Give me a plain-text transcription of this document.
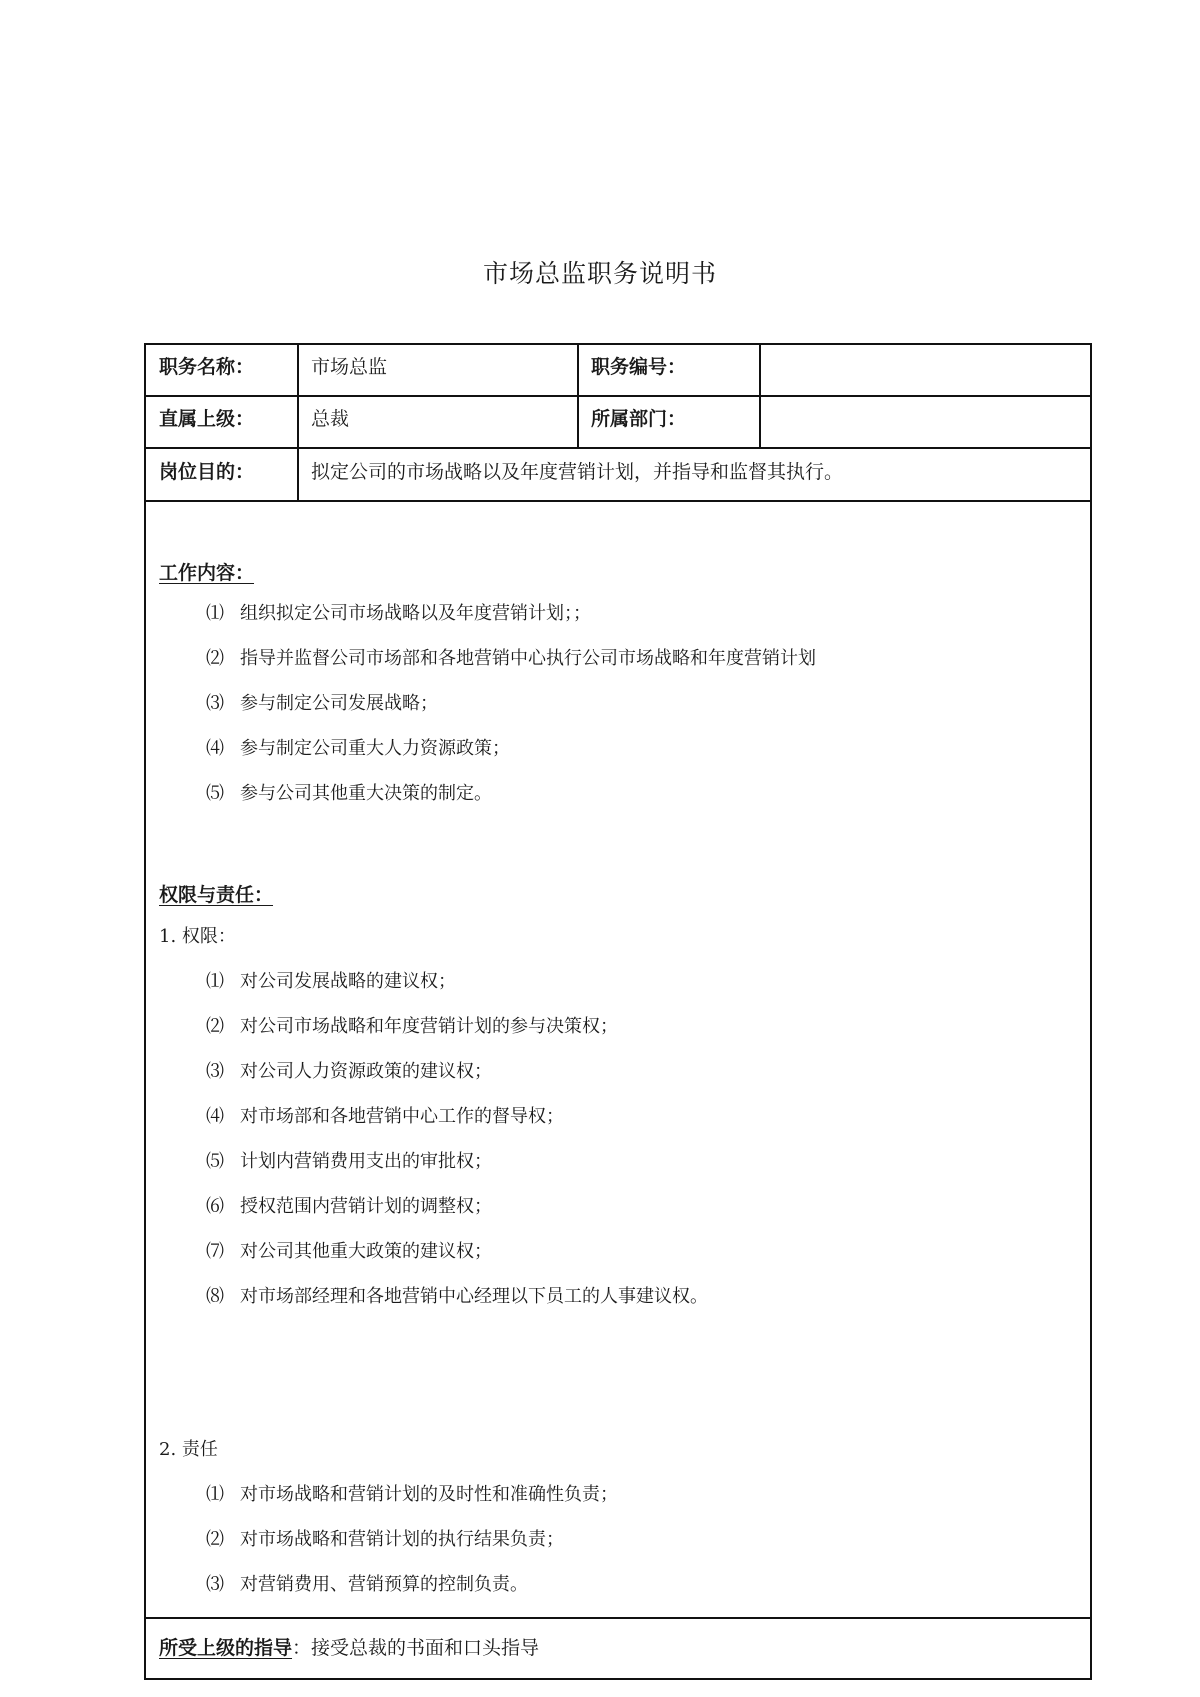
市场总监职务说明书
职务名称：	市场总监	职务编号：
直属上级：	总裁	所属部门：
岗位目的：	拟定公司的市场战略以及年度营销计划，并指导和监督其执行。
工作内容：
⑴ 组织拟定公司市场战略以及年度营销计划；；
⑵ 指导并监督公司市场部和各地营销中心执行公司市场战略和年度营销计划
⑶ 参与制定公司发展战略；
⑷ 参与制定公司重大人力资源政策；
⑸ 参与公司其他重大决策的制定。
权限与责任：
1. 权限：
⑴ 对公司发展战略的建议权；
⑵ 对公司市场战略和年度营销计划的参与决策权；
⑶ 对公司人力资源政策的建议权；
⑷ 对市场部和各地营销中心工作的督导权；
⑸ 计划内营销费用支出的审批权；
⑹ 授权范围内营销计划的调整权；
⑺ 对公司其他重大政策的建议权；
⑻ 对市场部经理和各地营销中心经理以下员工的人事建议权。
2. 责任
⑴ 对市场战略和营销计划的及时性和准确性负责；
⑵ 对市场战略和营销计划的执行结果负责；
⑶ 对营销费用、营销预算的控制负责。
所受上级的指导：接受总裁的书面和口头指导
